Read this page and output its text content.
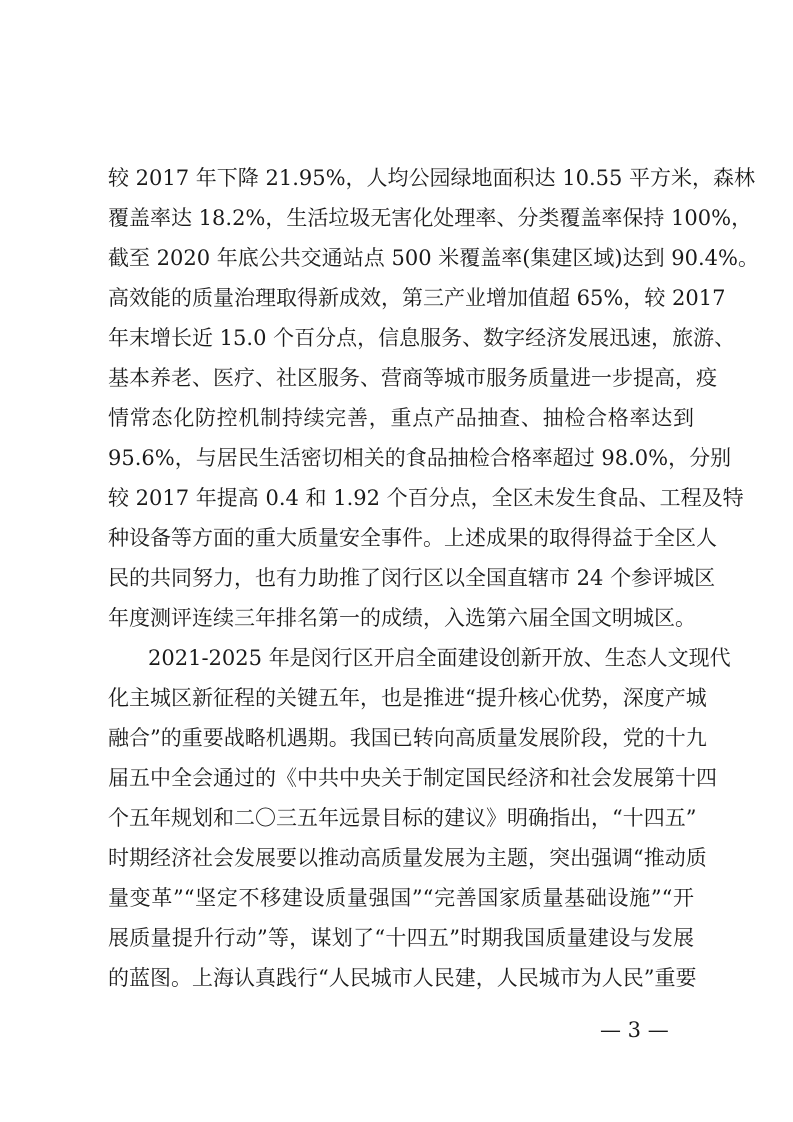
较 2017 年下降 21.95%，人均公园绿地面积达 10.55 平方米，森林
覆盖率达 18.2%，生活垃圾无害化处理率、分类覆盖率保持 100%，
截至 2020 年底公共交通站点 500 米覆盖率(集建区域)达到 90.4%。
高效能的质量治理取得新成效，第三产业增加值超 65%，较 2017
年末增长近 15.0 个百分点，信息服务、数字经济发展迅速，旅游、
基本养老、医疗、社区服务、营商等城市服务质量进一步提高，疫
情常态化防控机制持续完善，重点产品抽查、抽检合格率达到
95.6%，与居民生活密切相关的食品抽检合格率超过 98.0%，分别
较 2017 年提高 0.4 和 1.92 个百分点，全区未发生食品、工程及特
种设备等方面的重大质量安全事件。上述成果的取得得益于全区人
民的共同努力，也有力助推了闵行区以全国直辖市 24 个参评城区
年度测评连续三年排名第一的成绩，入选第六届全国文明城区。
2021-2025 年是闵行区开启全面建设创新开放、生态人文现代
化主城区新征程的关键五年，也是推进“提升核心优势，深度产城
融合”的重要战略机遇期。我国已转向高质量发展阶段，党的十九
届五中全会通过的《中共中央关于制定国民经济和社会发展第十四
个五年规划和二〇三五年远景目标的建议》明确指出，“十四五”
时期经济社会发展要以推动高质量发展为主题，突出强调“推动质
量变革”“坚定不移建设质量强国”“完善国家质量基础设施”“开
展质量提升行动”等，谋划了“十四五”时期我国质量建设与发展
的蓝图。上海认真践行“人民城市人民建，人民城市为人民”重要
— 3 —
